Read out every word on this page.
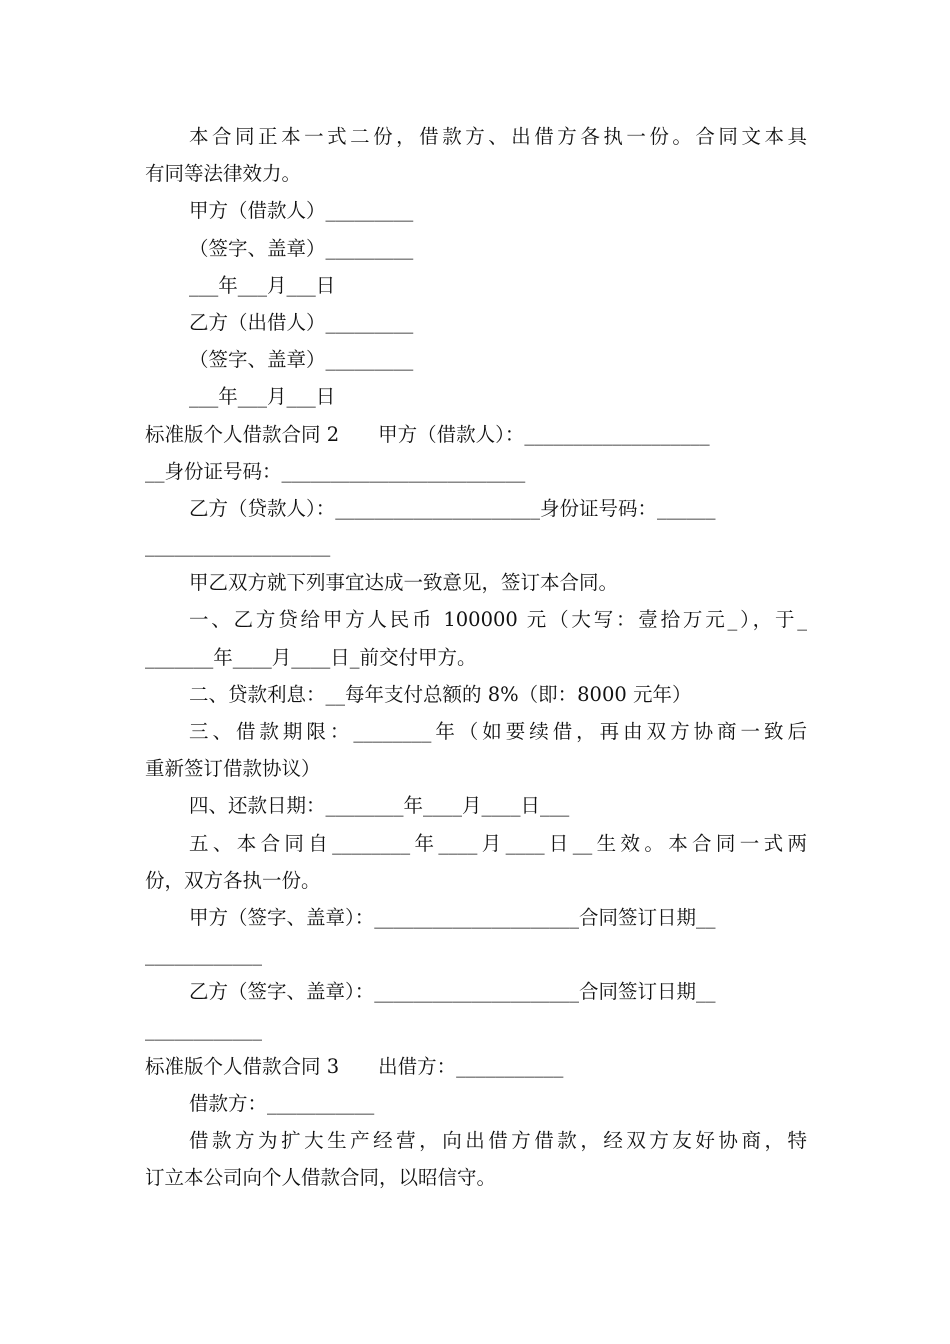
本合同正本一式二份，借款方、出借方各执一份。合同文本具
有同等法律效力。
甲方（借款人）_________
（签字、盖章）_________
___年___月___日
乙方（出借人）_________
（签字、盖章）_________
___年___月___日
标准版个人借款合同 2　　甲方（借款人）：___________________
__身份证号码：_________________________
乙方（贷款人）：_____________________身份证号码：______
___________________
甲乙双方就下列事宜达成一致意见，签订本合同。
一、乙方贷给甲方人民币 100000 元（大写：壹拾万元_），于_
_______年____月____日_前交付甲方。
二、贷款利息：__每年支付总额的 8%（即：8000 元年）
三、借款期限：________年（如要续借，再由双方协商一致后
重新签订借款协议）
四、还款日期：________年____月____日___
五、本合同自________年____月____日__生效。本合同一式两
份，双方各执一份。
甲方（签字、盖章）：_____________________合同签订日期__
____________
乙方（签字、盖章）：_____________________合同签订日期__
____________
标准版个人借款合同 3　　出借方：___________
借款方：___________
借款方为扩大生产经营，向出借方借款，经双方友好协商，特
订立本公司向个人借款合同，以昭信守。
